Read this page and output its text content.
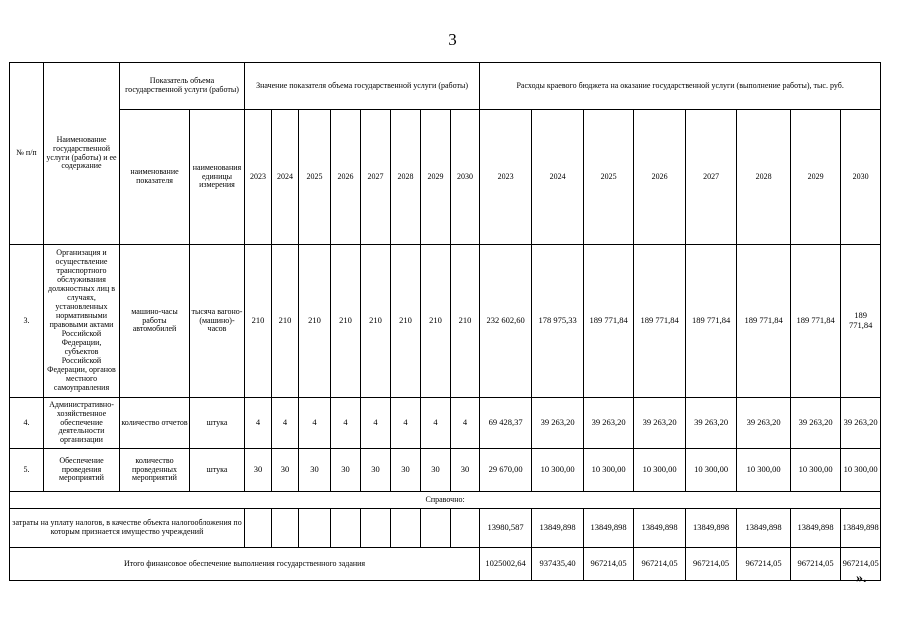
3
№ п/п	Наименование государственной услуги (работы) и ее содержание	Показатель объема государственной услуги (работы)		Значение показателя объема государственной услуги (работы)								Расходы краевого бюджета на оказание государственной услуги (выполнение работы), тыс. руб.							
		наименование показателя	наименования единицы измерения	2023	2024	2025	2026	2027	2028	2029	2030	2023	2024	2025	2026	2027	2028	2029	2030
3.	Организация и осуществление транспортного обслуживания должностных лиц в случаях, установленных нормативными правовыми актами Российской Федерации, субъектов Российской Федерации, органов местного самоуправления	машино-часы работы автомобилей	тысяча вагоно-(машино)-часов	210	210	210	210	210	210	210	210	232 602,60	178 975,33	189 771,84	189 771,84	189 771,84	189 771,84	189 771,84	189 771,84
4.	Административно-хозяйственное обеспечение деятельности организации	количество отчетов	штука	4	4	4	4	4	4	4	4	69 428,37	39 263,20	39 263,20	39 263,20	39 263,20	39 263,20	39 263,20	39 263,20
5.	Обеспечение проведения мероприятий	количество проведенных мероприятий	штука	30	30	30	30	30	30	30	30	29 670,00	10 300,00	10 300,00	10 300,00	10 300,00	10 300,00	10 300,00	10 300,00
Справочно:																			
затраты на уплату налогов, в качестве объекта налогообложения по которым признается имущество учреждений												13980,587	13849,898	13849,898	13849,898	13849,898	13849,898	13849,898	13849,898
Итого финансовое обеспечение выполнения государственного задания												1025002,64	937435,40	967214,05	967214,05	967214,05	967214,05	967214,05	967214,05
».
